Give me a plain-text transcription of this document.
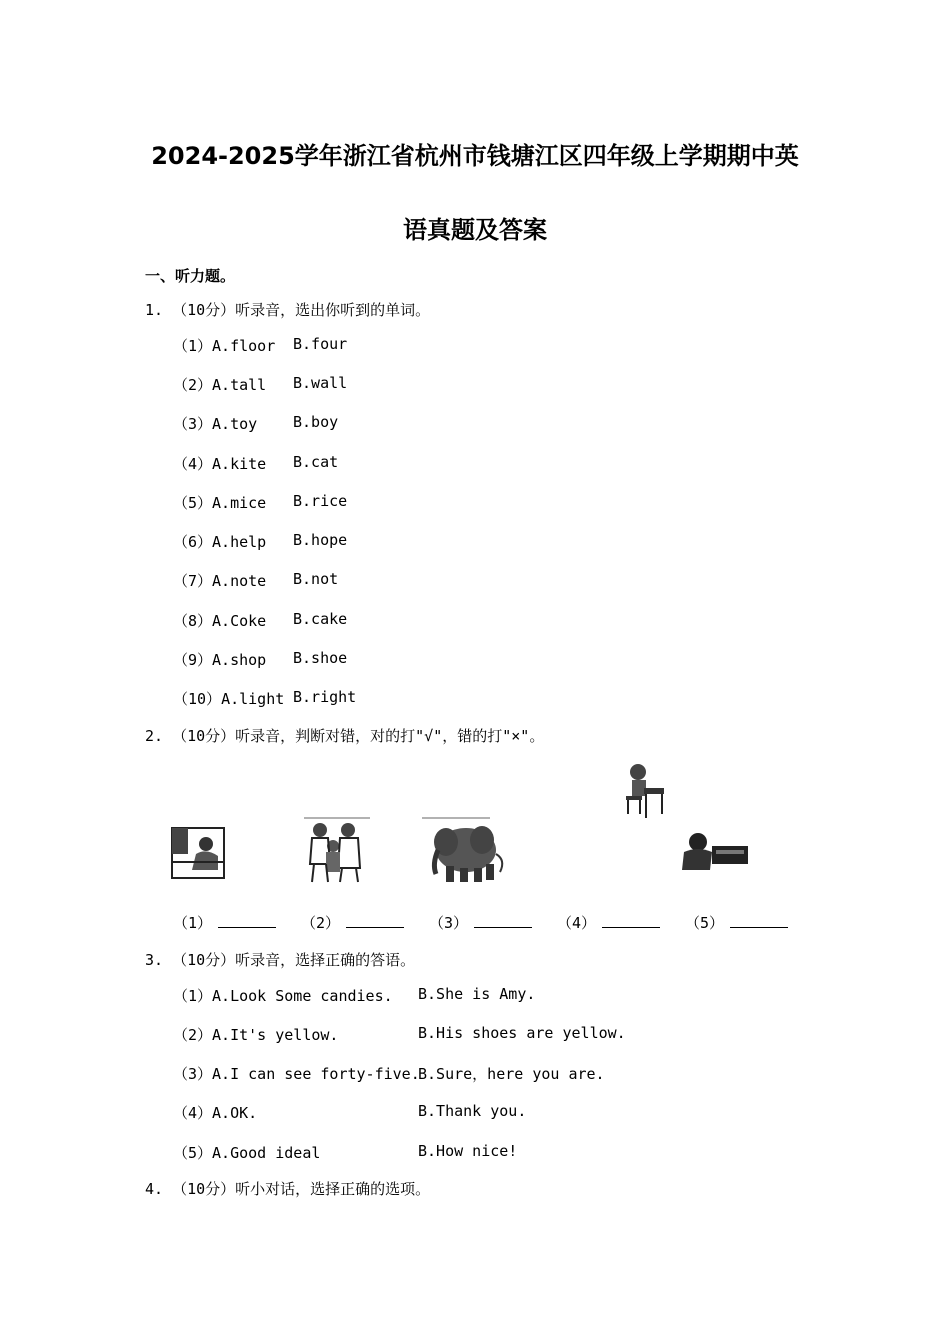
2024-2025学年浙江省杭州市钱塘江区四年级上学期期中英
语真题及答案
一、听力题。
1. （10分）听录音，选出你听到的单词。
（1）A.floor B.four
（2）A.tall B.wall
（3）A.toy B.boy
（4）A.kite B.cat
（5）A.mice B.rice
（6）A.help B.hope
（7）A.note B.not
（8）A.Coke B.cake
（9）A.shop B.shoe
（10）A.light B.right
2. （10分）听录音，判断对错，对的打"√"，错的打"×"。
（1）	（2）	（3）	（4）	（5）
3. （10分）听录音，选择正确的答语。
（1）A.Look Some candies. B.She is Amy.
（2）A.It's yellow.	B.His shoes are yellow.
（3）A.I can see forty-five.
B.Sure，here you are.
（4）A.OK.	B.Thank you.
（5）A.Good ideal	B.How nice!
4. （10分）听小对话，选择正确的选项。
